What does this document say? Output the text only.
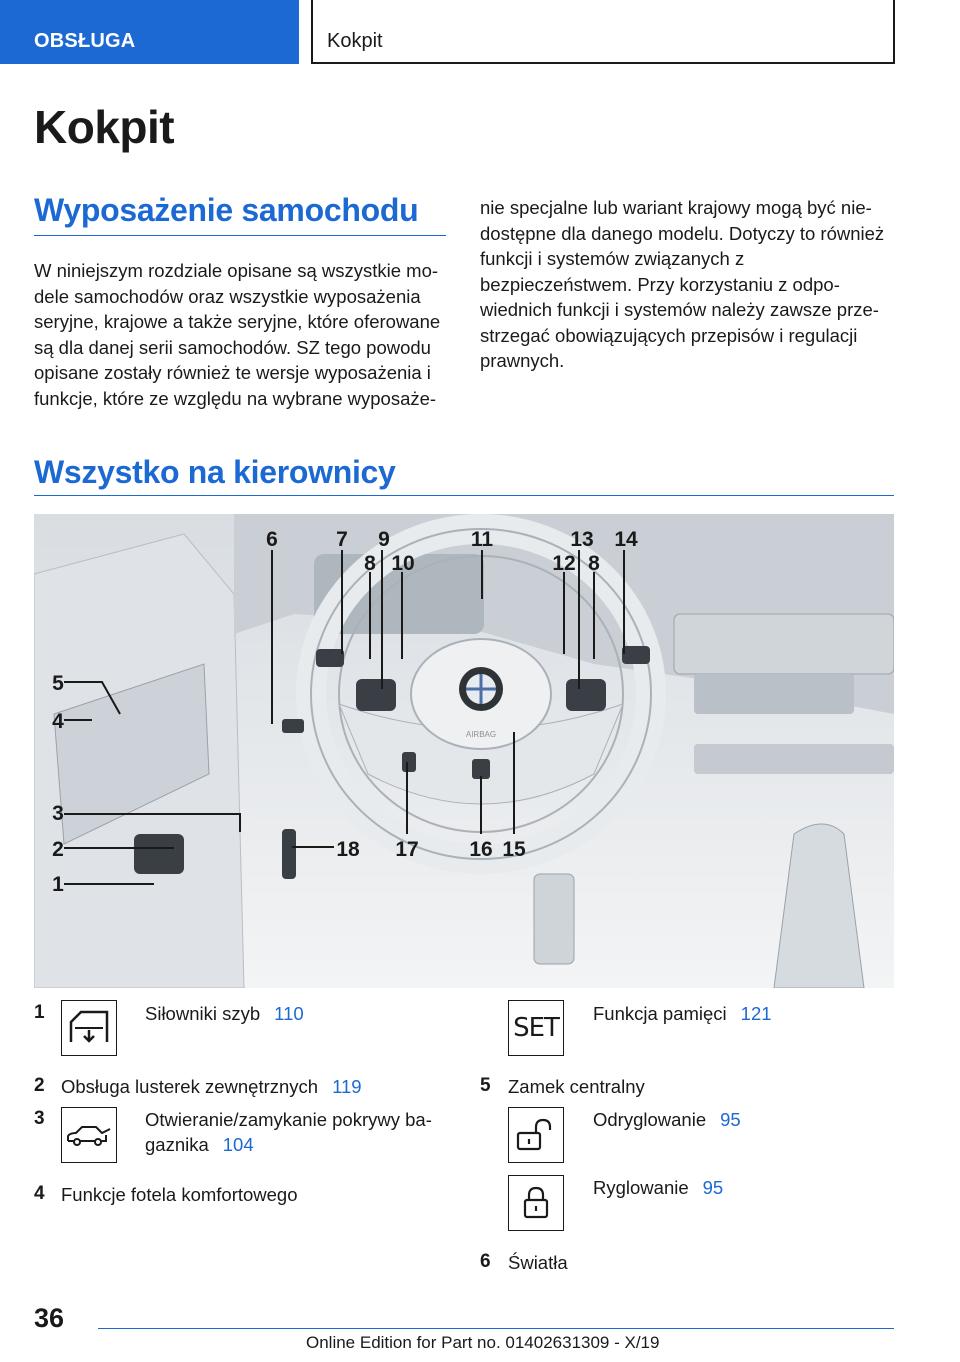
OBSŁUGA	Kokpit
Kokpit
Wyposażenie samochodu

W niniejszym rozdziale opisane są wszystkie modele samochodów oraz wszystkie wyposażenia seryjne, krajowe a także seryjne, które oferowane są dla danej serii samochodów. SZ tego powodu opisane zostały również te wersje wyposażenia i funkcje, które ze względu na wybrane wyposaże-

nie specjalne lub wariant krajowy mogą być niedostępne dla danego modelu. Dotyczy to również funkcji i systemów związanych z bezpieczeństwem. Przy korzystaniu z odpowiednich funkcji i systemów należy zawsze przestrzegać obowiązujących przepisów i regulacji prawnych.

Wszystko na kierownicy
AIRBAG
6	7 9
8 10
11
12
13
8
14
15
16
17
18
5
4
3
2
1
1	Siłowniki szyb 110
2 Obsługa lusterek zewnętrznych 119
3	Otwieranie/zamykanie pokrywy bagaznika 104
4 Funkcje fotela komfortowego
SET Funkcja pamięci 121
5 Zamek centralny
Odryglowanie 95
Ryglowanie 95
6 Światła
36
Online Edition for Part no. 01402631309 - X/19
